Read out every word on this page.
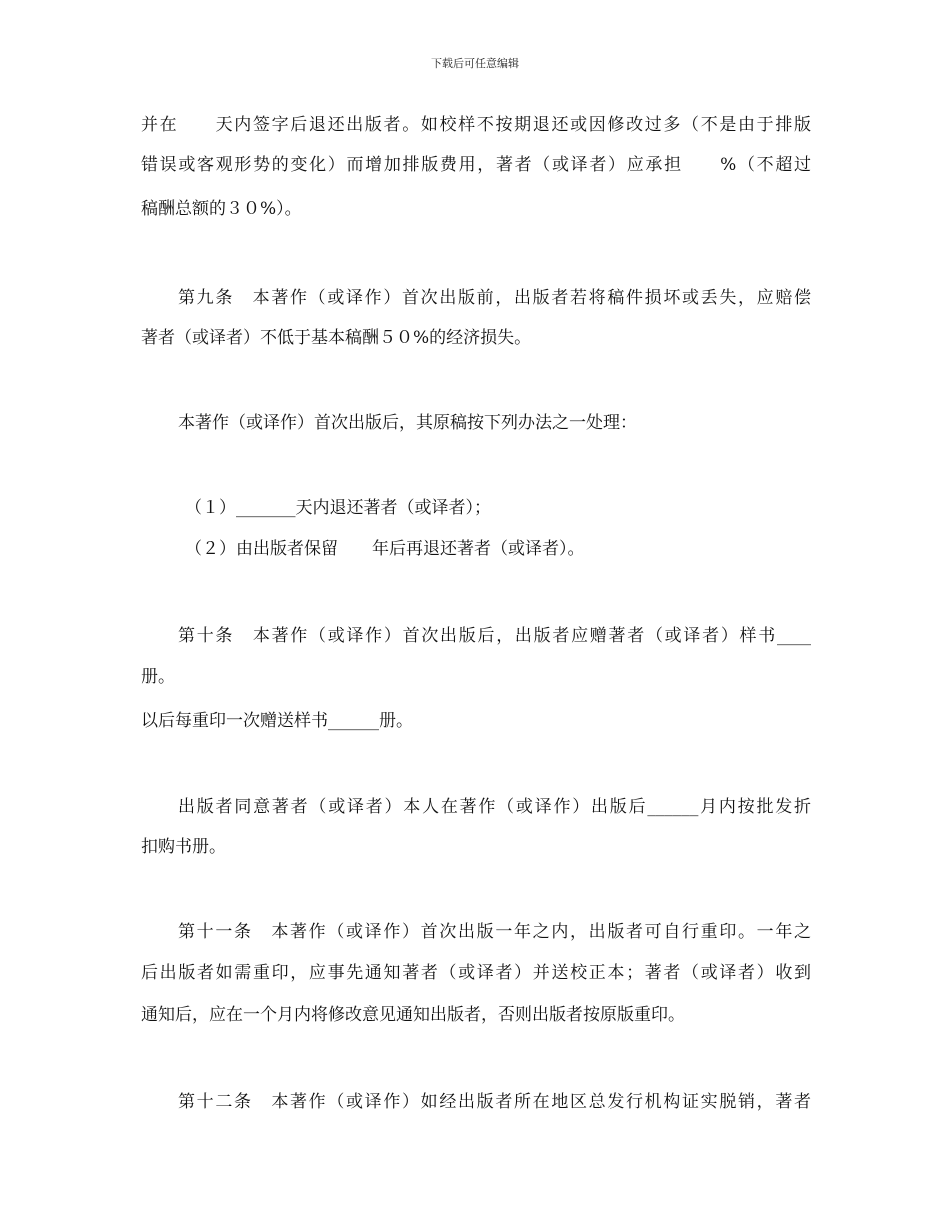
下载后可任意编辑
并在　　天内签字后退还出版者。如校样不按期退还或因修改过多（不是由于排版
错误或客观形势的变化）而增加排版费用，著者（或译者）应承担　　%（不超过
稿酬总额的３０%）。
第九条　本著作（或译作）首次出版前，出版者若将稿件损坏或丢失，应赔偿
著者（或译者）不低于基本稿酬５０%的经济损失。
本著作（或译作）首次出版后，其原稿按下列办法之一处理：
（１）_______天内退还著者（或译者）；
（２）由出版者保留　　年后再退还著者（或译者）。
第十条　本著作（或译作）首次出版后，出版者应赠著者（或译者）样书____
册。
以后每重印一次赠送样书______册。
出版者同意著者（或译者）本人在著作（或译作）出版后______月内按批发折
扣购书册。
第十一条　本著作（或译作）首次出版一年之内，出版者可自行重印。一年之
后出版者如需重印，应事先通知著者（或译者）并送校正本；著者（或译者）收到
通知后，应在一个月内将修改意见通知出版者，否则出版者按原版重印。
第十二条　本著作（或译作）如经出版者所在地区总发行机构证实脱销，著者
